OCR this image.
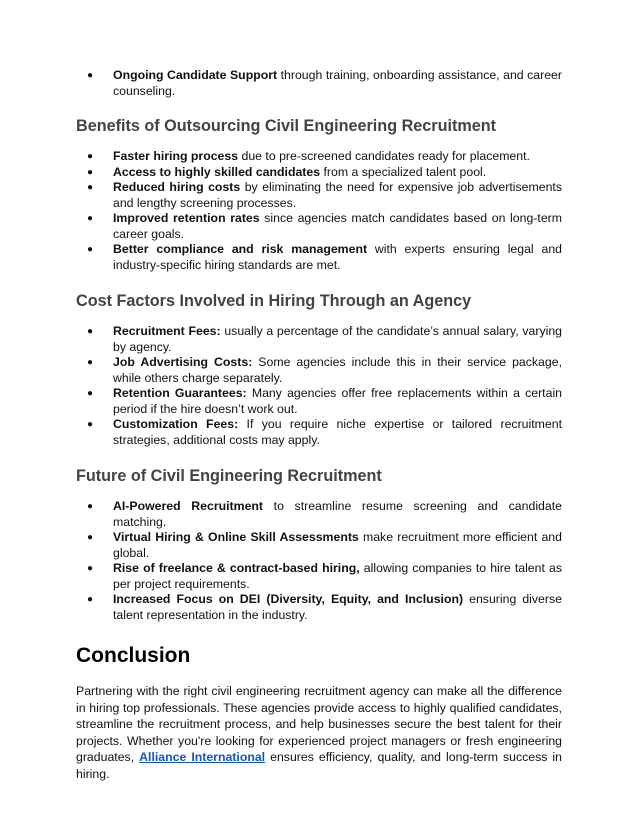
● Ongoing Candidate Support through training, onboarding assistance, and career counseling.
Benefits of Outsourcing Civil Engineering Recruitment
● Faster hiring process due to pre-screened candidates ready for placement.
● Access to highly skilled candidates from a specialized talent pool.
● Reduced hiring costs by eliminating the need for expensive job advertisements and lengthy screening processes.
● Improved retention rates since agencies match candidates based on long-term career goals.
● Better compliance and risk management with experts ensuring legal and industry-specific hiring standards are met.
Cost Factors Involved in Hiring Through an Agency
● Recruitment Fees: usually a percentage of the candidate’s annual salary, varying by agency.
● Job Advertising Costs: Some agencies include this in their service package, while others charge separately.
● Retention Guarantees: Many agencies offer free replacements within a certain period if the hire doesn’t work out.
● Customization Fees: If you require niche expertise or tailored recruitment strategies, additional costs may apply.
Future of Civil Engineering Recruitment
● AI-Powered Recruitment to streamline resume screening and candidate matching.
● Virtual Hiring & Online Skill Assessments make recruitment more efficient and global.
● Rise of freelance & contract-based hiring, allowing companies to hire talent as per project requirements.
● Increased Focus on DEI (Diversity, Equity, and Inclusion) ensuring diverse talent representation in the industry.
Conclusion

Partnering with the right civil engineering recruitment agency can make all the difference in hiring top professionals. These agencies provide access to highly qualified candidates, streamline the recruitment process, and help businesses secure the best talent for their projects. Whether you're looking for experienced project managers or fresh engineering graduates, Alliance International ensures efficiency, quality, and long-term success in hiring.
